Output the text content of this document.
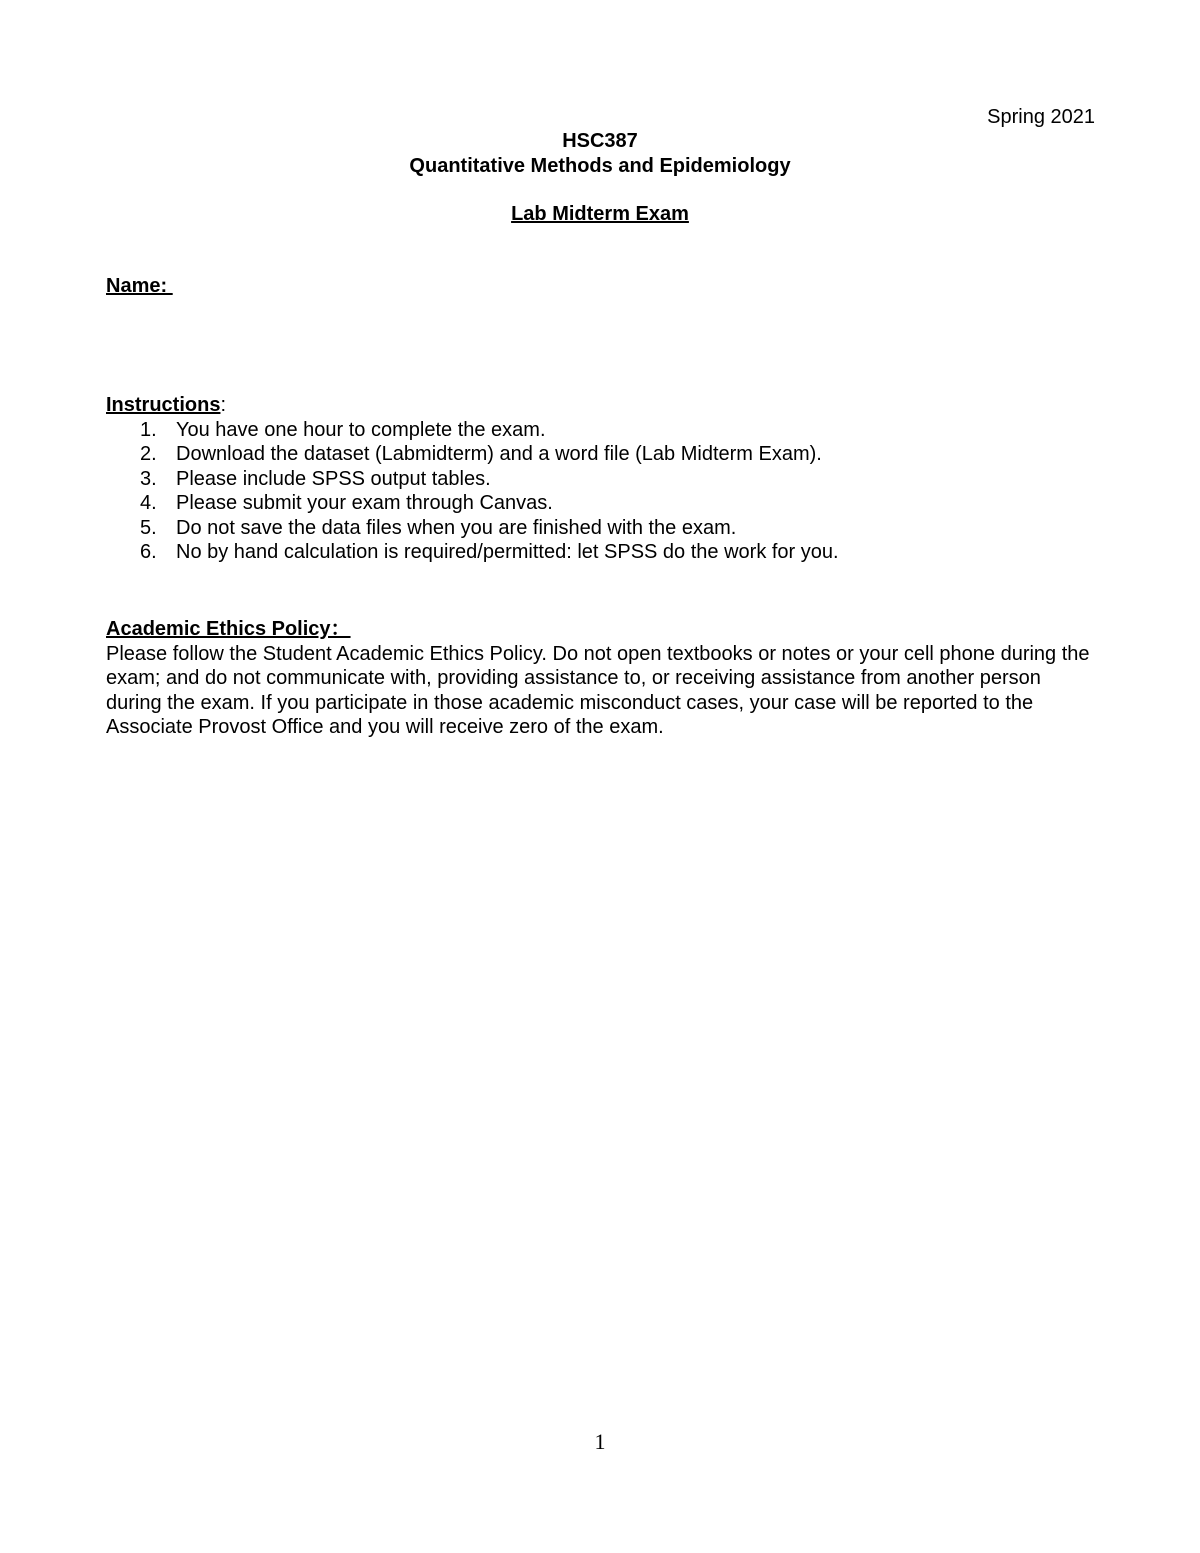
Spring 2021
HSC387
Quantitative Methods and Epidemiology
Lab Midterm Exam
Name:
Instructions:
1. You have one hour to complete the exam.
2. Download the dataset (Labmidterm) and a word file (Lab Midterm Exam).
3. Please include SPSS output tables.
4. Please submit your exam through Canvas.
5. Do not save the data files when you are finished with the exam.
6. No by hand calculation is required/permitted: let SPSS do the work for you.
Academic Ethics Policy：

Please follow the Student Academic Ethics Policy. Do not open textbooks or notes or your cell phone during the exam; and do not communicate with, providing assistance to, or receiving assistance from another person during the exam. If you participate in those academic misconduct cases, your case will be reported to the Associate Provost Office and you will receive zero of the exam.

1
